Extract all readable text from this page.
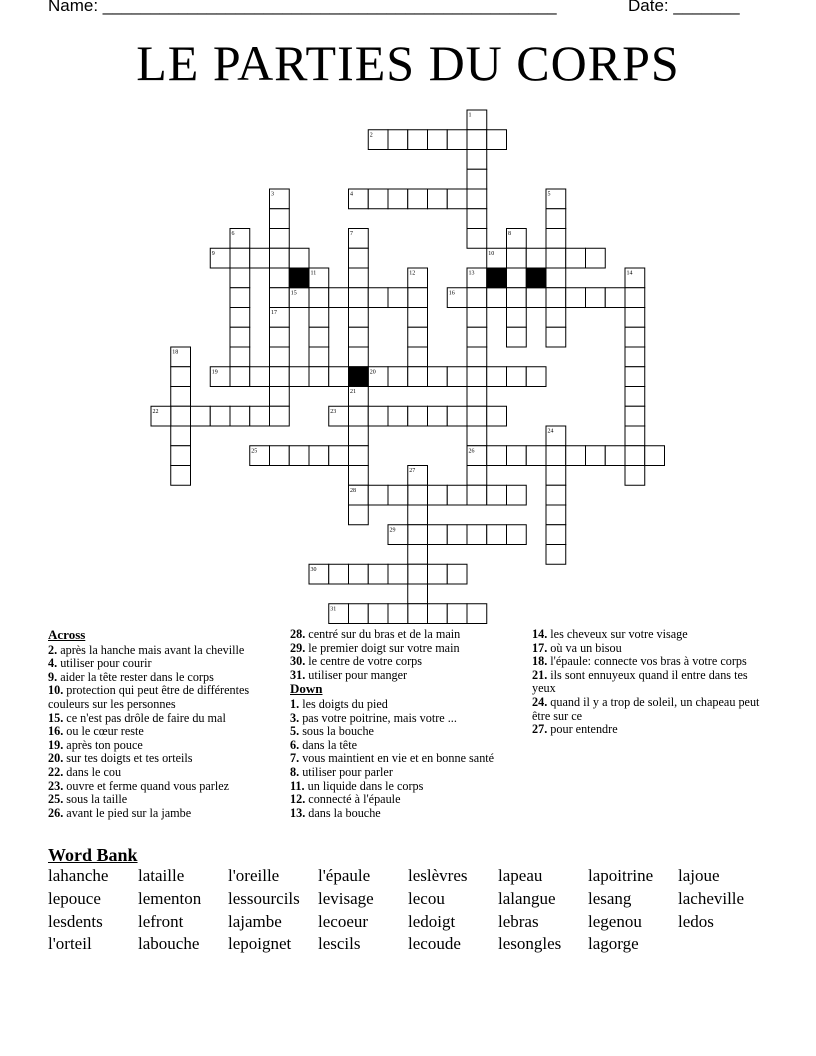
Name: ________________________________________________	Date: _______
LE PARTIES DU CORPS
1
2
3	4	5
6	7	8
9	10
11	12	13	14
15	16
17
18
19	20
21
22	23
24
25	26
27
28
29
30
31
Across
2. après la hanche mais avant la cheville
4. utiliser pour courir
9. aider la tête rester dans le corps
10. protection qui peut être de différentes couleurs sur les personnes
15. ce n'est pas drôle de faire du mal
16. ou le cœur reste
19. après ton pouce
20. sur tes doigts et tes orteils
22. dans le cou
23. ouvre et ferme quand vous parlez
25. sous la taille
26. avant le pied sur la jambe
28. centré sur du bras et de la main
29. le premier doigt sur votre main
30. le centre de votre corps
31. utiliser pour manger
Down
1. les doigts du pied
3. pas votre poitrine, mais votre ...
5. sous la bouche
6. dans la tête
7. vous maintient en vie et en bonne santé
8. utiliser pour parler
11. un liquide dans le corps
12. connecté à l'épaule
13. dans la bouche
14. les cheveux sur votre visage
17. où va un bisou
18. l'épaule: connecte vos bras à votre corps
21. ils sont ennuyeux quand il entre dans tes yeux
24. quand il y a trop de soleil, un chapeau peut être sur ce
27. pour entendre
Word Bank
lahanche lataille	l'oreille l'épaule leslèvres lapeau	lapoitrine lajoue
lepouce lementon lessourcils levisage lecou	lalangue lesang	lacheville
lesdents lefront	lajambe lecoeur ledoigt	lebras	legenou ledos
l'orteil	labouche lepoignet lescils	lecoude lesongles lagorge
